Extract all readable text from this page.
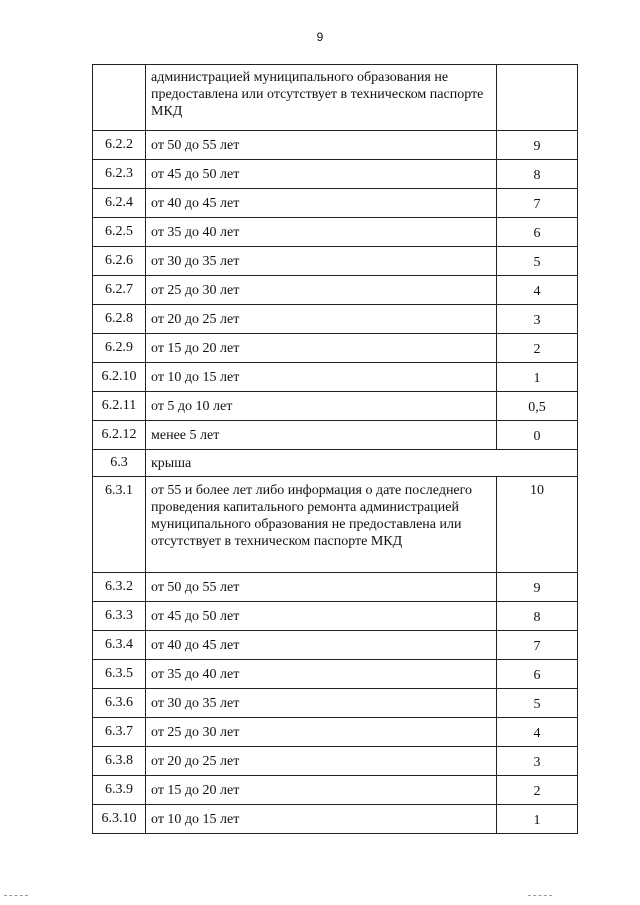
9
	администрацией муниципального образования не предоставлена или отсутствует в техническом паспорте МКД	
6.2.2	от 50 до 55 лет	9
6.2.3	от 45 до 50 лет	8
6.2.4	от 40 до 45 лет	7
6.2.5	от 35 до 40 лет	6
6.2.6	от 30 до 35 лет	5
6.2.7	от 25 до 30 лет	4
6.2.8	от 20 до 25 лет	3
6.2.9	от 15 до 20 лет	2
6.2.10	от 10 до 15 лет	1
6.2.11	от 5 до 10 лет	0,5
6.2.12	менее 5 лет	0
6.3	крыша	
6.3.1	от 55 и более лет либо информация о дате последнего проведения капитального ремонта администрацией муниципального образования не предоставлена или отсутствует в техническом паспорте МКД	10
6.3.2	от 50 до 55 лет	9
6.3.3	от 45 до 50 лет	8
6.3.4	от 40 до 45 лет	7
6.3.5	от 35 до 40 лет	6
6.3.6	от 30 до 35 лет	5
6.3.7	от 25 до 30 лет	4
6.3.8	от 20 до 25 лет	3
6.3.9	от 15 до 20 лет	2
6.3.10	от 10 до 15 лет	1
